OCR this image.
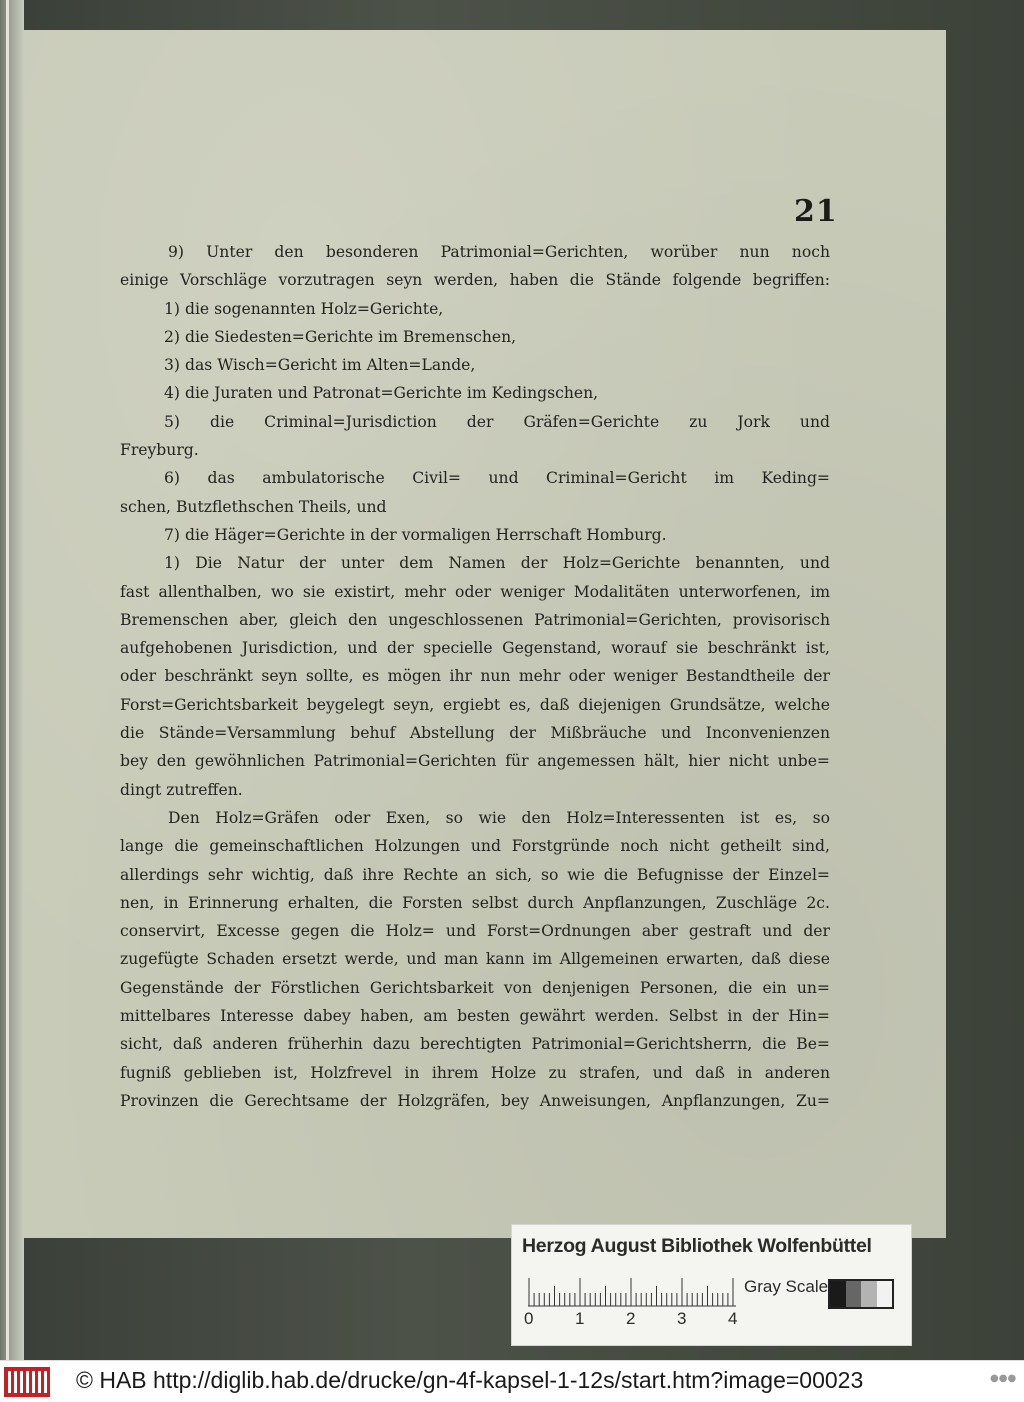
21
9) Unter den besonderen Patrimonial=Gerichten, worüber nun noch
einige Vorschläge vorzutragen seyn werden, haben die Stände folgende begriffen:
1) die sogenannten Holz=Gerichte,
2) die Siedesten=Gerichte im Bremenschen,
3) das Wisch=Gericht im Alten=Lande,
4) die Juraten und Patronat=Gerichte im Kedingschen,
5) die Criminal=Jurisdiction der Gräfen=Gerichte zu Jork und
Freyburg.
6) das ambulatorische Civil= und Criminal=Gericht im Keding=
schen, Butzflethschen Theils, und
7) die Häger=Gerichte in der vormaligen Herrschaft Homburg.
1) Die Natur der unter dem Namen der Holz=Gerichte benannten, und
fast allenthalben, wo sie existirt, mehr oder weniger Modalitäten unterworfenen, im
Bremenschen aber, gleich den ungeschlossenen Patrimonial=Gerichten, provisorisch
aufgehobenen Jurisdiction, und der specielle Gegenstand, worauf sie beschränkt ist,
oder beschränkt seyn sollte, es mögen ihr nun mehr oder weniger Bestandtheile der
Forst=Gerichtsbarkeit beygelegt seyn, ergiebt es, daß diejenigen Grundsätze, welche
die Stände=Versammlung behuf Abstellung der Mißbräuche und Inconvenienzen
bey den gewöhnlichen Patrimonial=Gerichten für angemessen hält, hier nicht unbe=
dingt zutreffen.
Den Holz=Gräfen oder Exen, so wie den Holz=Interessenten ist es, so
lange die gemeinschaftlichen Holzungen und Forstgründe noch nicht getheilt sind,
allerdings sehr wichtig, daß ihre Rechte an sich, so wie die Befugnisse der Einzel=
nen, in Erinnerung erhalten, die Forsten selbst durch Anpflanzungen, Zuschläge 2c.
conservirt, Excesse gegen die Holz= und Forst=Ordnungen aber gestraft und der
zugefügte Schaden ersetzt werde, und man kann im Allgemeinen erwarten, daß diese
Gegenstände der Förstlichen Gerichtsbarkeit von denjenigen Personen, die ein un=
mittelbares Interesse dabey haben, am besten gewährt werden. Selbst in der Hin=
sicht, daß anderen früherhin dazu berechtigten Patrimonial=Gerichtsherrn, die Be=
fugniß geblieben ist, Holzfrevel in ihrem Holze zu strafen, und daß in anderen
Provinzen die Gerechtsame der Holzgräfen, bey Anweisungen, Anpflanzungen, Zu=
Herzog August Bibliothek Wolfenbüttel
Gray Scale
0 1 2 3 4
© HAB http://diglib.hab.de/drucke/gn-4f-kapsel-1-12s/start.htm?image=00023	●●●
